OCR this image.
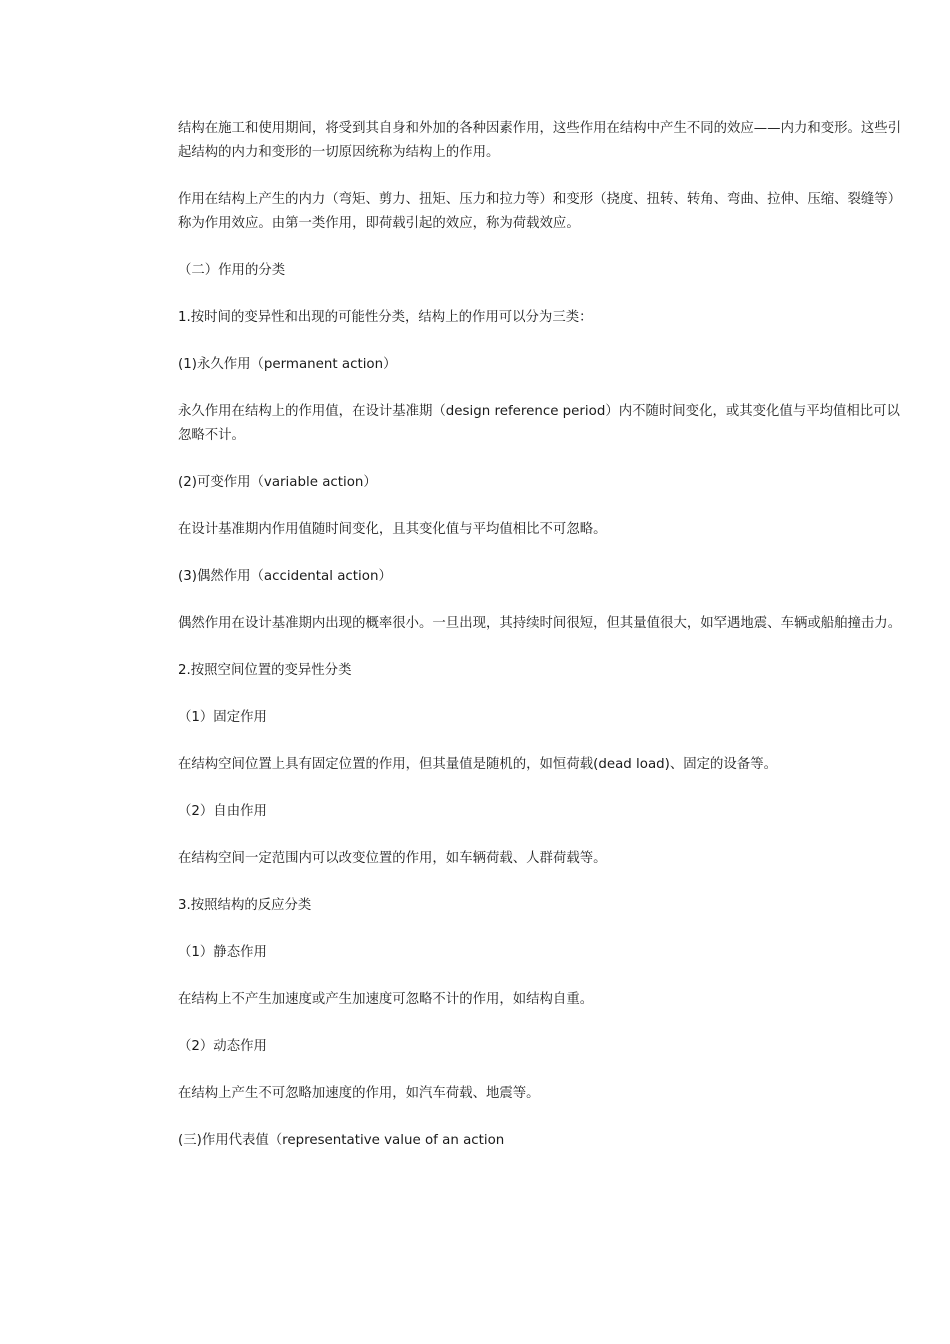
结构在施工和使用期间，将受到其自身和外加的各种因素作用，这些作用在结构中产生不同的效应——内力和变形。这些引起结构的内力和变形的一切原因统称为结构上的作用。

作用在结构上产生的内力（弯矩、剪力、扭矩、压力和拉力等）和变形（挠度、扭转、转角、弯曲、拉伸、压缩、裂缝等）称为作用效应。由第一类作用，即荷载引起的效应，称为荷载效应。

（二）作用的分类

1.按时间的变异性和出现的可能性分类，结构上的作用可以分为三类：

(1)永久作用（permanent action）

永久作用在结构上的作用值，在设计基准期（design reference period）内不随时间变化，或其变化值与平均值相比可以忽略不计。

(2)可变作用（variable action）

在设计基准期内作用值随时间变化，且其变化值与平均值相比不可忽略。

(3)偶然作用（accidental action）

偶然作用在设计基准期内出现的概率很小。一旦出现，其持续时间很短，但其量值很大，如罕遇地震、车辆或船舶撞击力。

2.按照空间位置的变异性分类

（1）固定作用

在结构空间位置上具有固定位置的作用，但其量值是随机的，如恒荷载(dead load)、固定的设备等。

（2）自由作用

在结构空间一定范围内可以改变位置的作用，如车辆荷载、人群荷载等。

3.按照结构的反应分类

（1）静态作用

在结构上不产生加速度或产生加速度可忽略不计的作用，如结构自重。

（2）动态作用

在结构上产生不可忽略加速度的作用，如汽车荷载、地震等。

(三)作用代表值（representative value of an action
